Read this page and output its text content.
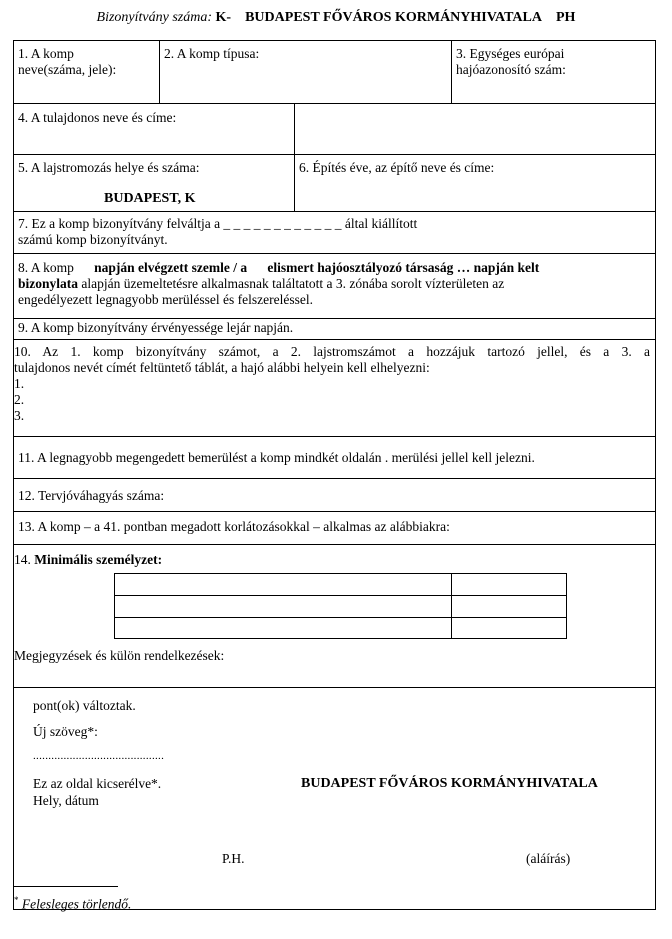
Bizonyítvány száma: K- BUDAPEST FŐVÁROS KORMÁNYHIVATALA PH
1. A komp
neve(száma, jele):
2. A komp típusa:	3. Egységes európai
hajóazonosító szám:
4. A tulajdonos neve és címe:
5. A lajstromozás helye és száma:
BUDAPEST, K
6. Építés éve, az építő neve és címe:
7. Ez a komp bizonyítvány felváltja a _ _ _ _ _ _ _ _ _ _ _ _ által kiállított
számú komp bizonyítványt.
8. A komp napján elvégzett szemle / a elismert hajóosztályozó társaság … napján kelt
bizonylata alapján üzemeltetésre alkalmasnak találtatott a 3. zónába sorolt vízterületen az
engedélyezett legnagyobb merüléssel és felszereléssel.
9. A komp bizonyítvány érvényessége lejár napján.
10. Az 1. komp bizonyítvány számot, a 2. lajstromszámot a hozzájuk tartozó jellel, és a 3. a
tulajdonos nevét címét feltüntető táblát, a hajó alábbi helyein kell elhelyezni:
1.
2.
3.
11. A legnagyobb megengedett bemerülést a komp mindkét oldalán . merülési jellel kell jelezni.
12. Tervjóváhagyás száma:
13. A komp – a 41. pontban megadott korlátozásokkal – alkalmas az alábbiakra:
14. Minimális személyzet:
Megjegyzések és külön rendelkezések:
pont(ok) változtak.
Új szöveg*:
...........................................
Ez az oldal kicserélve*.
Hely, dátum
BUDAPEST FŐVÁROS KORMÁNYHIVATALA
P.H.	(aláírás)
* Felesleges törlendő.
